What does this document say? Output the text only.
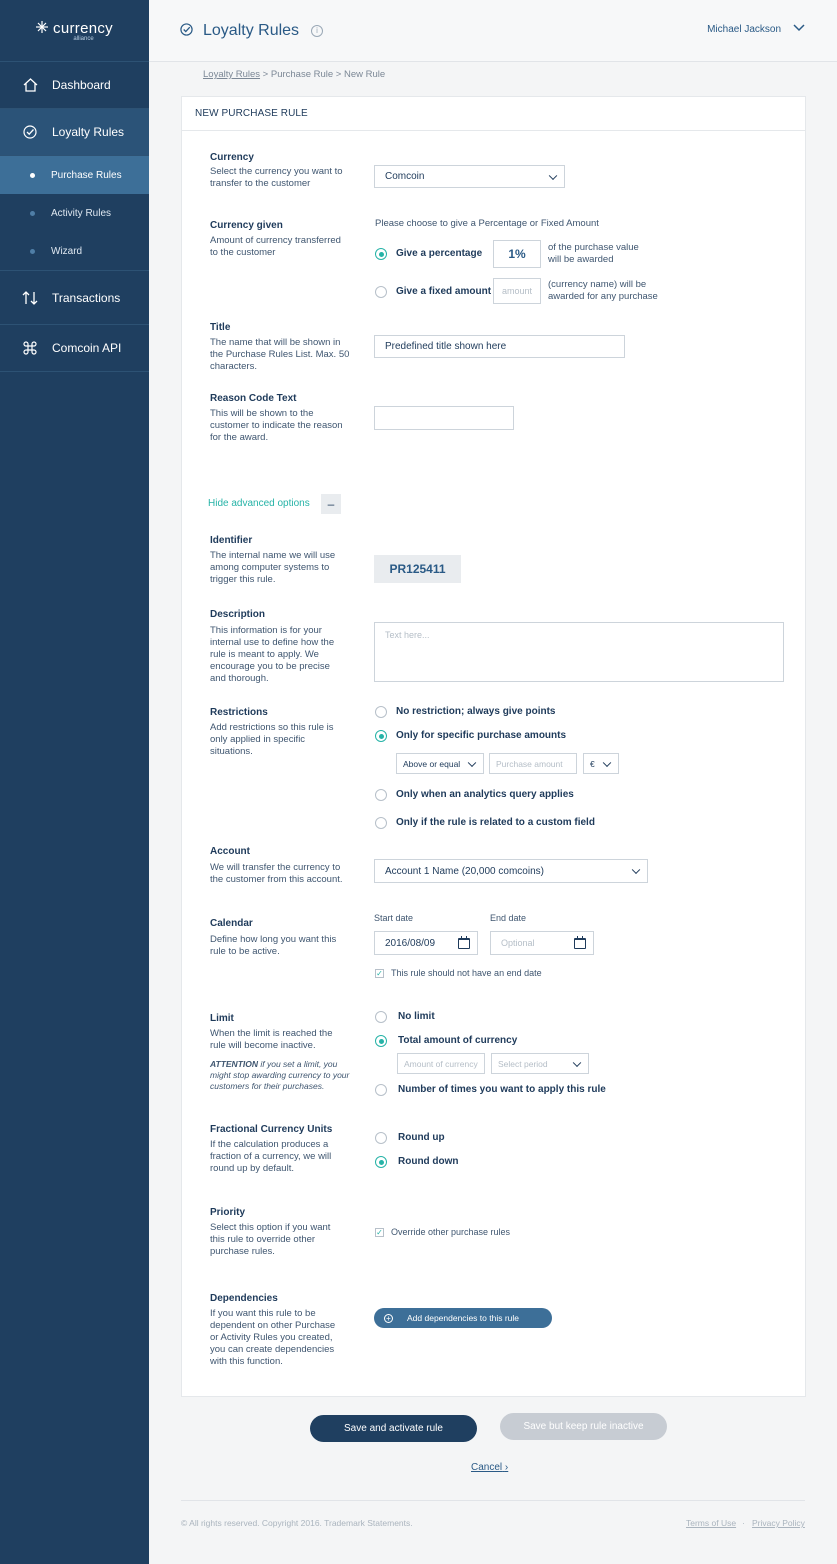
currency
alliance
Dashboard
Loyalty Rules
Purchase Rules
Activity Rules
Wizard
Transactions
Comcoin API
Loyalty Rules	i	Michael Jackson
Loyalty Rules > Purchase Rule > New Rule
NEW PURCHASE RULE
Currency
Select the currency you want to transfer to the customer
Comcoin
Currency given
Amount of currency transferred to the customer
Please choose to give a Percentage or Fixed Amount
Give a percentage	1%	of the purchase value will be awarded
Give a fixed amount	amount
(currency name) will be awarded for any purchase
Title
The name that will be shown in the Purchase Rules List. Max. 50 characters.
Predefined title shown here
Reason Code Text
This will be shown to the customer to indicate the reason for the award.
Hide advanced options	–
Identifier
The internal name we will use among computer systems to trigger this rule.
PR125411
Description
This information is for your internal use to define how the rule is meant to apply. We encourage you to be precise and thorough.
Text here...
Restrictions
Add restrictions so this rule is only applied in specific situations.
No restriction; always give points
Only for specific purchase amounts
Above or equal	Purchase amount	€
Only when an analytics query applies
Only if the rule is related to a custom field
Account
We will transfer the currency to the customer from this account.
Account 1 Name (20,000 comcoins)
Calendar
Define how long you want this rule to be active.
Start date
2016/08/09
End date
Optional
✓ This rule should not have an end date
Limit
When the limit is reached the rule will become inactive.
ATTENTION if you set a limit, you might stop awarding currency to your customers for their purchases.
No limit
Total amount of currency
Amount of currency	Select period
Number of times you want to apply this rule
Fractional Currency Units
If the calculation produces a fraction of a currency, we will round up by default.
Round up
Round down
Priority
Select this option if you want this rule to override other purchase rules.
✓ Override other purchase rules
Dependencies
If you want this rule to be dependent on other Purchase or Activity Rules you created, you can create dependencies with this function.
+ Add dependencies to this rule
Save and activate rule	Save but keep rule inactive
Cancel ›
© All rights reserved. Copyright 2016. Trademark Statements.	Terms of Use · Privacy Policy
